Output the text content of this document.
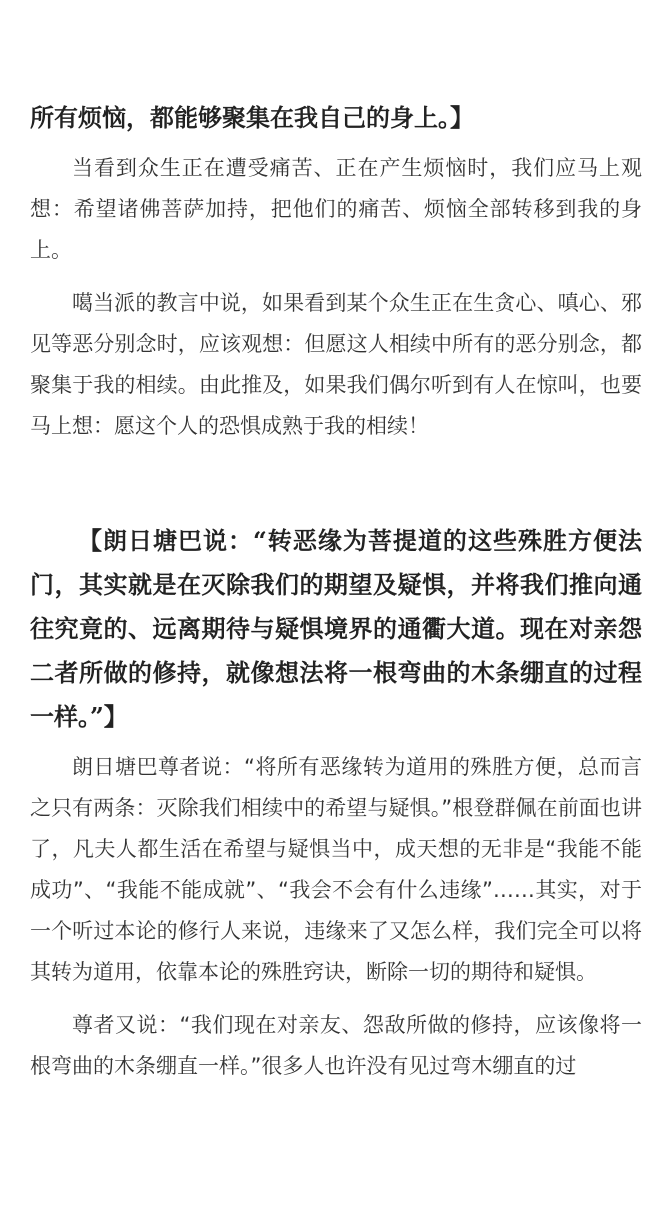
所有烦恼，都能够聚集在我自己的身上。】

当看到众生正在遭受痛苦、正在产生烦恼时，我们应马上观想：希望诸佛菩萨加持，把他们的痛苦、烦恼全部转移到我的身上。

噶当派的教言中说，如果看到某个众生正在生贪心、嗔心、邪见等恶分别念时，应该观想：但愿这人相续中所有的恶分别念，都聚集于我的相续。由此推及，如果我们偶尔听到有人在惊叫，也要马上想：愿这个人的恐惧成熟于我的相续！

【朗日塘巴说：“转恶缘为菩提道的这些殊胜方便法门，其实就是在灭除我们的期望及疑惧，并将我们推向通往究竟的、远离期待与疑惧境界的通衢大道。现在对亲怨二者所做的修持，就像想法将一根弯曲的木条绷直的过程一样。”】

朗日塘巴尊者说：“将所有恶缘转为道用的殊胜方便，总而言之只有两条：灭除我们相续中的希望与疑惧。”根登群佩在前面也讲了，凡夫人都生活在希望与疑惧当中，成天想的无非是“我能不能成功”、“我能不能成就”、“我会不会有什么违缘”……其实，对于一个听过本论的修行人来说，违缘来了又怎么样，我们完全可以将其转为道用，依靠本论的殊胜窍诀，断除一切的期待和疑惧。

尊者又说：“我们现在对亲友、怨敌所做的修持，应该像将一根弯曲的木条绷直一样。”很多人也许没有见过弯木绷直的过
